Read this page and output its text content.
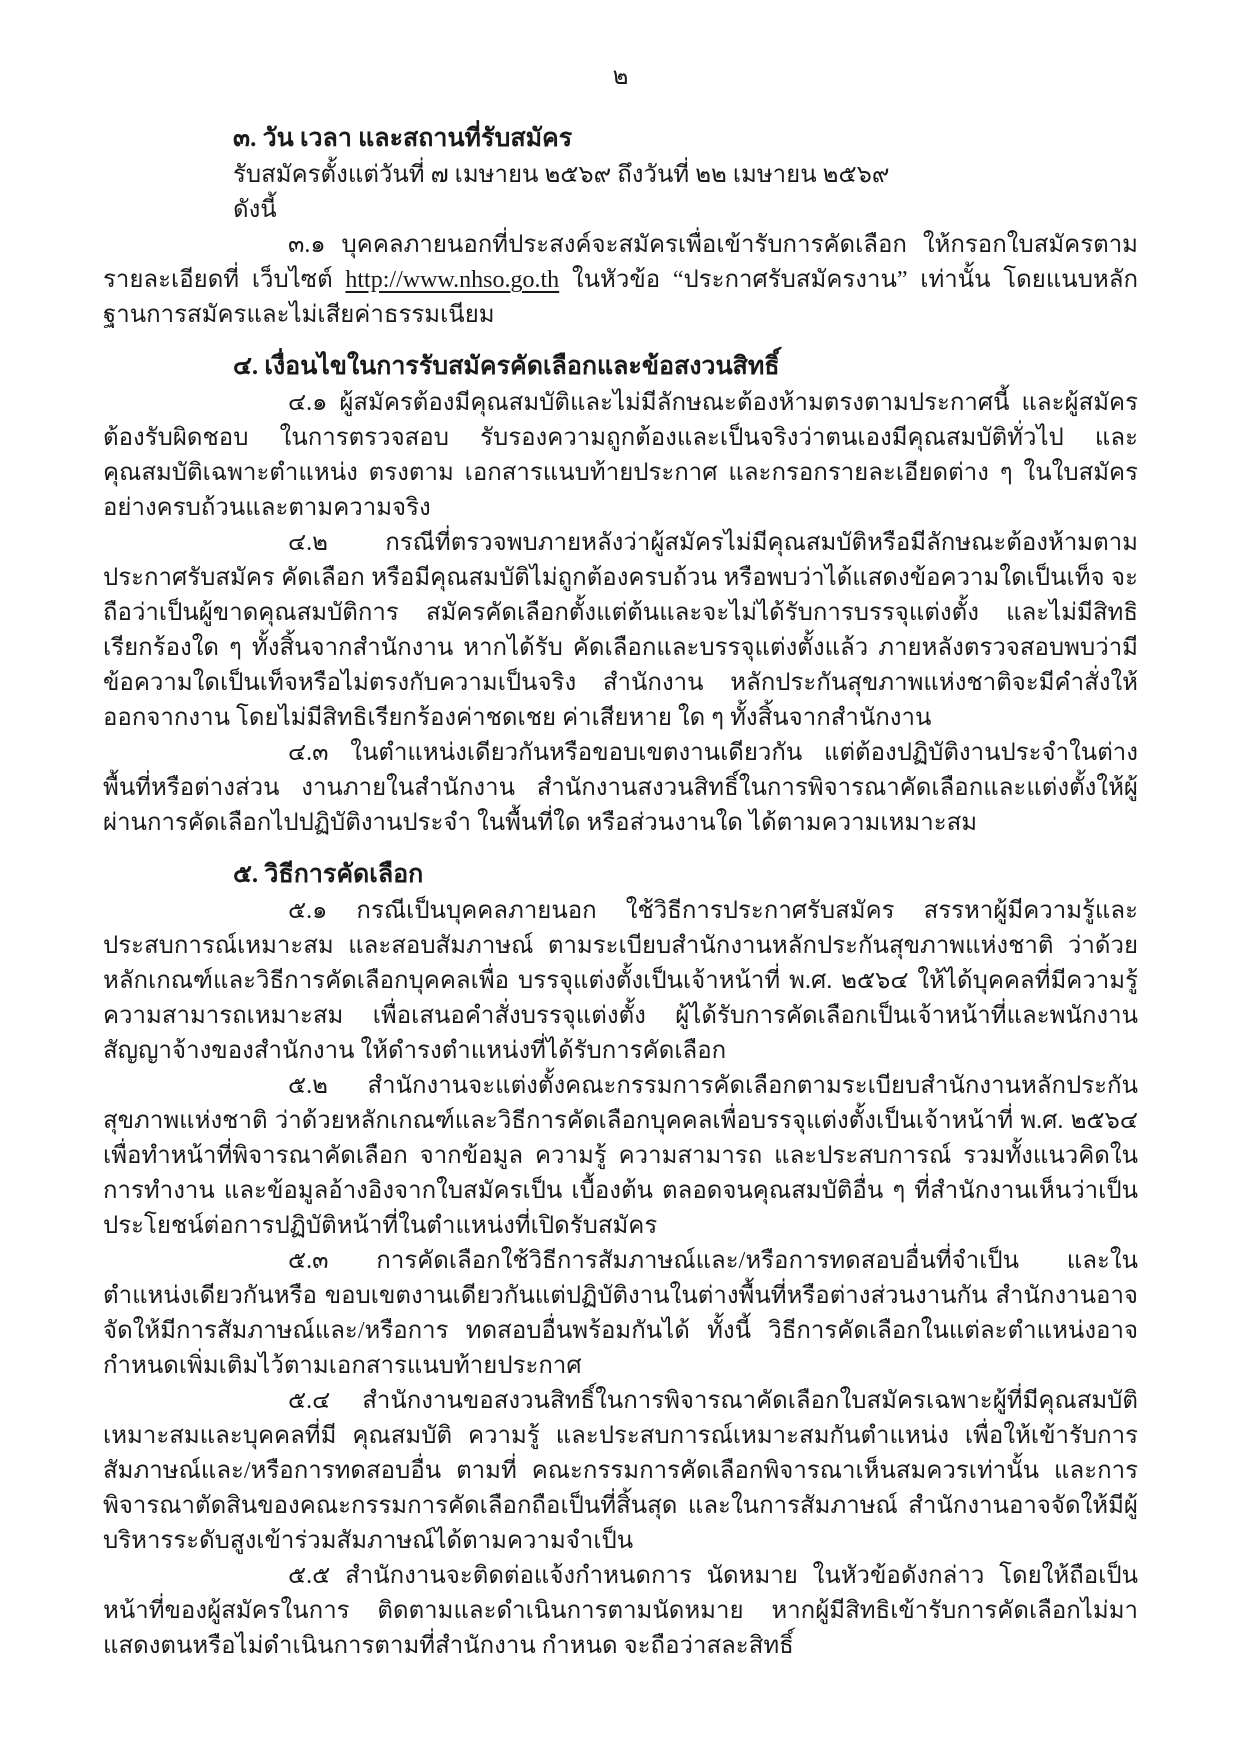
๒
๓. วัน เวลา และสถานที่รับสมัคร
รับสมัครตั้งแต่วันที่ ๗ เมษายน ๒๕๖๙ ถึงวันที่ ๒๒ เมษายน ๒๕๖๙
ดังนี้
๓.๑ บุคคลภายนอกที่ประสงค์จะสมัครเพื่อเข้ารับการคัดเลือก ให้กรอกใบสมัครตามรายละเอียดที่ เว็บไซต์ http://www.nhso.go.th ในหัวข้อ “ประกาศรับสมัครงาน” เท่านั้น โดยแนบหลักฐานการสมัครและไม่เสียค่าธรรมเนียม
๔. เงื่อนไขในการรับสมัครคัดเลือกและข้อสงวนสิทธิ์
๔.๑ ผู้สมัครต้องมีคุณสมบัติและไม่มีลักษณะต้องห้ามตรงตามประกาศนี้ และผู้สมัครต้องรับผิดชอบ ในการตรวจสอบ รับรองความถูกต้องและเป็นจริงว่าตนเองมีคุณสมบัติทั่วไป และคุณสมบัติเฉพาะตำแหน่ง ตรงตาม เอกสารแนบท้ายประกาศ และกรอกรายละเอียดต่าง ๆ ในใบสมัครอย่างครบถ้วนและตามความจริง
๔.๒ กรณีที่ตรวจพบภายหลังว่าผู้สมัครไม่มีคุณสมบัติหรือมีลักษณะต้องห้ามตามประกาศรับสมัคร คัดเลือก หรือมีคุณสมบัติไม่ถูกต้องครบถ้วน หรือพบว่าได้แสดงข้อความใดเป็นเท็จ จะถือว่าเป็นผู้ขาดคุณสมบัติการ สมัครคัดเลือกตั้งแต่ต้นและจะไม่ได้รับการบรรจุแต่งตั้ง และไม่มีสิทธิเรียกร้องใด ๆ ทั้งสิ้นจากสำนักงาน หากได้รับ คัดเลือกและบรรจุแต่งตั้งแล้ว ภายหลังตรวจสอบพบว่ามีข้อความใดเป็นเท็จหรือไม่ตรงกับความเป็นจริง สำนักงาน หลักประกันสุขภาพแห่งชาติจะมีคำสั่งให้ออกจากงาน โดยไม่มีสิทธิเรียกร้องค่าชดเชย ค่าเสียหาย ใด ๆ ทั้งสิ้นจากสำนักงาน
๔.๓ ในตำแหน่งเดียวกันหรือขอบเขตงานเดียวกัน แต่ต้องปฏิบัติงานประจำในต่างพื้นที่หรือต่างส่วน งานภายในสำนักงาน สำนักงานสงวนสิทธิ์ในการพิจารณาคัดเลือกและแต่งตั้งให้ผู้ผ่านการคัดเลือกไปปฏิบัติงานประจำ ในพื้นที่ใด หรือส่วนงานใด ได้ตามความเหมาะสม
๕. วิธีการคัดเลือก
๕.๑ กรณีเป็นบุคคลภายนอก ใช้วิธีการประกาศรับสมัคร สรรหาผู้มีความรู้และประสบการณ์เหมาะสม และสอบสัมภาษณ์ ตามระเบียบสำนักงานหลักประกันสุขภาพแห่งชาติ ว่าด้วยหลักเกณฑ์และวิธีการคัดเลือกบุคคลเพื่อ บรรจุแต่งตั้งเป็นเจ้าหน้าที่ พ.ศ. ๒๕๖๔ ให้ได้บุคคลที่มีความรู้ ความสามารถเหมาะสม เพื่อเสนอคำสั่งบรรจุแต่งตั้ง ผู้ได้รับการคัดเลือกเป็นเจ้าหน้าที่และพนักงานสัญญาจ้างของสำนักงาน ให้ดำรงตำแหน่งที่ได้รับการคัดเลือก
๕.๒ สำนักงานจะแต่งตั้งคณะกรรมการคัดเลือกตามระเบียบสำนักงานหลักประกันสุขภาพแห่งชาติ ว่าด้วยหลักเกณฑ์และวิธีการคัดเลือกบุคคลเพื่อบรรจุแต่งตั้งเป็นเจ้าหน้าที่ พ.ศ. ๒๕๖๔ เพื่อทำหน้าที่พิจารณาคัดเลือก จากข้อมูล ความรู้ ความสามารถ และประสบการณ์ รวมทั้งแนวคิดในการทำงาน และข้อมูลอ้างอิงจากใบสมัครเป็น เบื้องต้น ตลอดจนคุณสมบัติอื่น ๆ ที่สำนักงานเห็นว่าเป็นประโยชน์ต่อการปฏิบัติหน้าที่ในตำแหน่งที่เปิดรับสมัคร
๕.๓ การคัดเลือกใช้วิธีการสัมภาษณ์และ/หรือการทดสอบอื่นที่จำเป็น และในตำแหน่งเดียวกันหรือ ขอบเขตงานเดียวกันแต่ปฏิบัติงานในต่างพื้นที่หรือต่างส่วนงานกัน สำนักงานอาจจัดให้มีการสัมภาษณ์และ/หรือการ ทดสอบอื่นพร้อมกันได้ ทั้งนี้ วิธีการคัดเลือกในแต่ละตำแหน่งอาจกำหนดเพิ่มเติมไว้ตามเอกสารแนบท้ายประกาศ
๕.๔ สำนักงานขอสงวนสิทธิ์ในการพิจารณาคัดเลือกใบสมัครเฉพาะผู้ที่มีคุณสมบัติเหมาะสมและบุคคลที่มี คุณสมบัติ ความรู้ และประสบการณ์เหมาะสมกันตำแหน่ง เพื่อให้เข้ารับการสัมภาษณ์และ/หรือการทดสอบอื่น ตามที่ คณะกรรมการคัดเลือกพิจารณาเห็นสมควรเท่านั้น และการพิจารณาตัดสินของคณะกรรมการคัดเลือกถือเป็นที่สิ้นสุด และในการสัมภาษณ์ สำนักงานอาจจัดให้มีผู้บริหารระดับสูงเข้าร่วมสัมภาษณ์ได้ตามความจำเป็น
๕.๕ สำนักงานจะติดต่อแจ้งกำหนดการ นัดหมาย ในหัวข้อดังกล่าว โดยให้ถือเป็นหน้าที่ของผู้สมัครในการ ติดตามและดำเนินการตามนัดหมาย หากผู้มีสิทธิเข้ารับการคัดเลือกไม่มาแสดงตนหรือไม่ดำเนินการตามที่สำนักงาน กำหนด จะถือว่าสละสิทธิ์
